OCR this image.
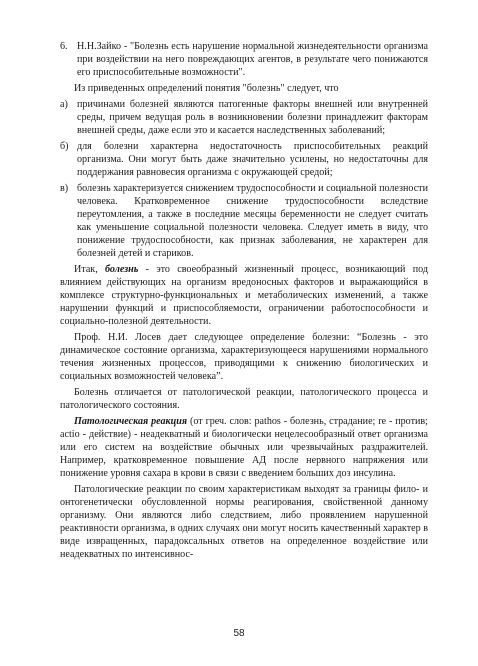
6. Н.Н.Зайко - "Болезнь есть нарушение нормальной жизнедеятельности организма при воздействии на него повреждающих агентов, в результате чего понижаются его приспособительные возможности".

Из приведенных определений понятия "болезнь" следует, что

а) причинами болезней являются патогенные факторы внешней или внутренней среды, причем ведущая роль в возникновении болезни принадлежит факторам внешней среды, даже если это и касается наследственных заболеваний;

б) для болезни характерна недостаточность приспособительных реакций организма. Они могут быть даже значительно усилены, но недостаточны для поддержания равновесия организма с окружающей средой;

в) болезнь характеризуется снижением трудоспособности и социальной полезности человека. Кратковременное снижение трудоспособности вследствие переутомления, а также в последние месяцы беременности не следует считать как уменьшение социальной полезности человека. Следует иметь в виду, что понижение трудоспособности, как признак заболевания, не характерен для болезней детей и стариков.

Итак, болезнь - это своеобразный жизненный процесс, возникающий под влиянием действующих на организм вредоносных факторов и выражающийся в комплексе структурно-функциональных и метаболических изменений, а также нарушении функций и приспособляемости, ограничении работоспособности и социально-полезной деятельности.

Проф. Н.И. Лосев дает следующее определение болезни: “Болезнь - это динамическое состояние организма, характеризующееся нарушениями нормального течения жизненных процессов, приводящими к снижению биологических и социальных возможностей человека”.

Болезнь отличается от патологической реакции, патологического процесса и патологического состояния.

Патологическая реакция (от греч. слов: pathos - болезнь, страдание; re - против; actio - действие) - неадекватный и биологически нецелесообразный ответ организма или его систем на воздействие обычных или чрезвычайных раздражителей. Например, кратковременное повышение АД после нервного напряжения или понижение уровня сахара в крови в связи с введением больших доз инсулина.

Патологические реакции по своим характеристикам выходят за границы фило- и онтогенетически обусловленной нормы реагирования, свойственной данному организму. Они являются либо следствием, либо проявлением нарушенной реактивности организма, в одних случаях они могут носить качественный характер в виде извращенных, парадоксальных ответов на определенное воздействие или неадекватных по интенсивнос-

58
